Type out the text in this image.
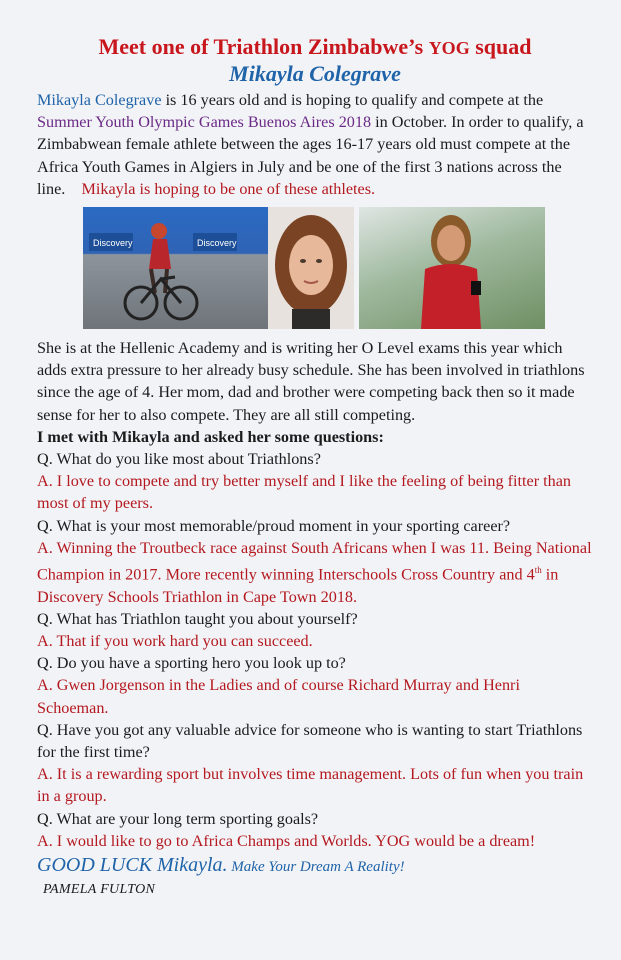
Meet one of Triathlon Zimbabwe’s YOG squad
Mikayla Colegrave

Mikayla Colegrave is 16 years old and is hoping to qualify and compete at the Summer Youth Olympic Games Buenos Aires 2018 in October. In order to qualify, a Zimbabwean female athlete between the ages 16-17 years old must compete at the Africa Youth Games in Algiers in July and be one of the first 3 nations across the line. Mikayla is hoping to be one of these athletes.

Discovery	Discovery

She is at the Hellenic Academy and is writing her O Level exams this year which adds extra pressure to her already busy schedule. She has been involved in triathlons since the age of 4. Her mom, dad and brother were competing back then so it made sense for her to also compete. They are all still competing.

I met with Mikayla and asked her some questions:

Q. What do you like most about Triathlons?

A. I love to compete and try better myself and I like the feeling of being fitter than most of my peers.

Q. What is your most memorable/proud moment in your sporting career?

A. Winning the Troutbeck race against South Africans when I was 11. Being National Champion in 2017. More recently winning Interschools Cross Country and 4th in Discovery Schools Triathlon in Cape Town 2018.

Q. What has Triathlon taught you about yourself?

A. That if you work hard you can succeed.

Q. Do you have a sporting hero you look up to?

A. Gwen Jorgenson in the Ladies and of course Richard Murray and Henri Schoeman.

Q. Have you got any valuable advice for someone who is wanting to start Triathlons for the first time?

A. It is a rewarding sport but involves time management. Lots of fun when you train in a group.

Q. What are your long term sporting goals?

A. I would like to go to Africa Champs and Worlds. YOG would be a dream!

GOOD LUCK Mikayla. Make Your Dream A Reality!

PAMELA FULTON
